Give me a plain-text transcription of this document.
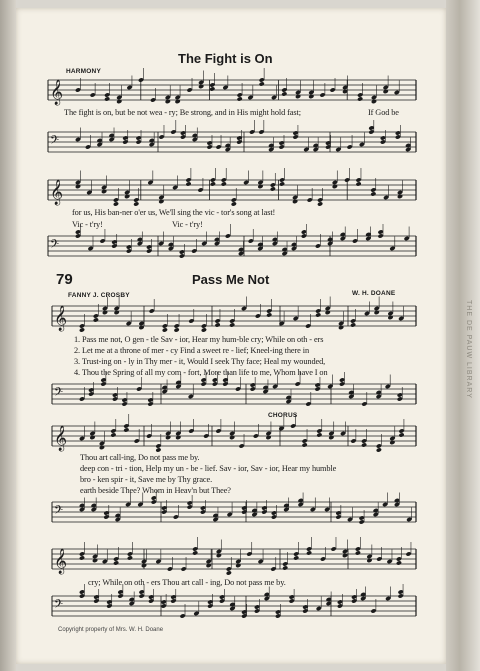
THE DE PAUW LIBRARY
The Fight is On
HARMONY
𝄞
The fight is on, but be not wea - ry; Be strong, and in His might hold fast;	If God be
𝄢
𝄞
for us, His ban-ner o'er us, We'll sing the vic - tor's song at last!
Vic - t'ry!	Vic - t'ry!
𝄢
79	Pass Me Not
FANNY J. CROSBY	W. H. DOANE
𝄞
1. Pass me not, O gen - tle Sav - ior, Hear my hum-ble cry; While on oth - ers
2. Let me at a throne of mer - cy Find a sweet re - lief; Kneel-ing there in
3. Trust-ing on - ly in Thy mer - it, Would I seek Thy face; Heal my wounded,
4. Thou the Spring of all my com - fort, More than life to me, Whom have I on
𝄢
CHORUS
𝄞
Thou art call-ing, Do not pass me by.
deep con - tri - tion, Help my un - be - lief. Sav - ior, Sav - ior, Hear my humble
bro - ken spir - it, Save me by Thy grace.
earth beside Thee? Whom in Heav'n but Thee?
𝄢
𝄞
cry; While on oth - ers Thou art call - ing, Do not pass me by.
𝄢
Copyright property of Mrs. W. H. Doane
